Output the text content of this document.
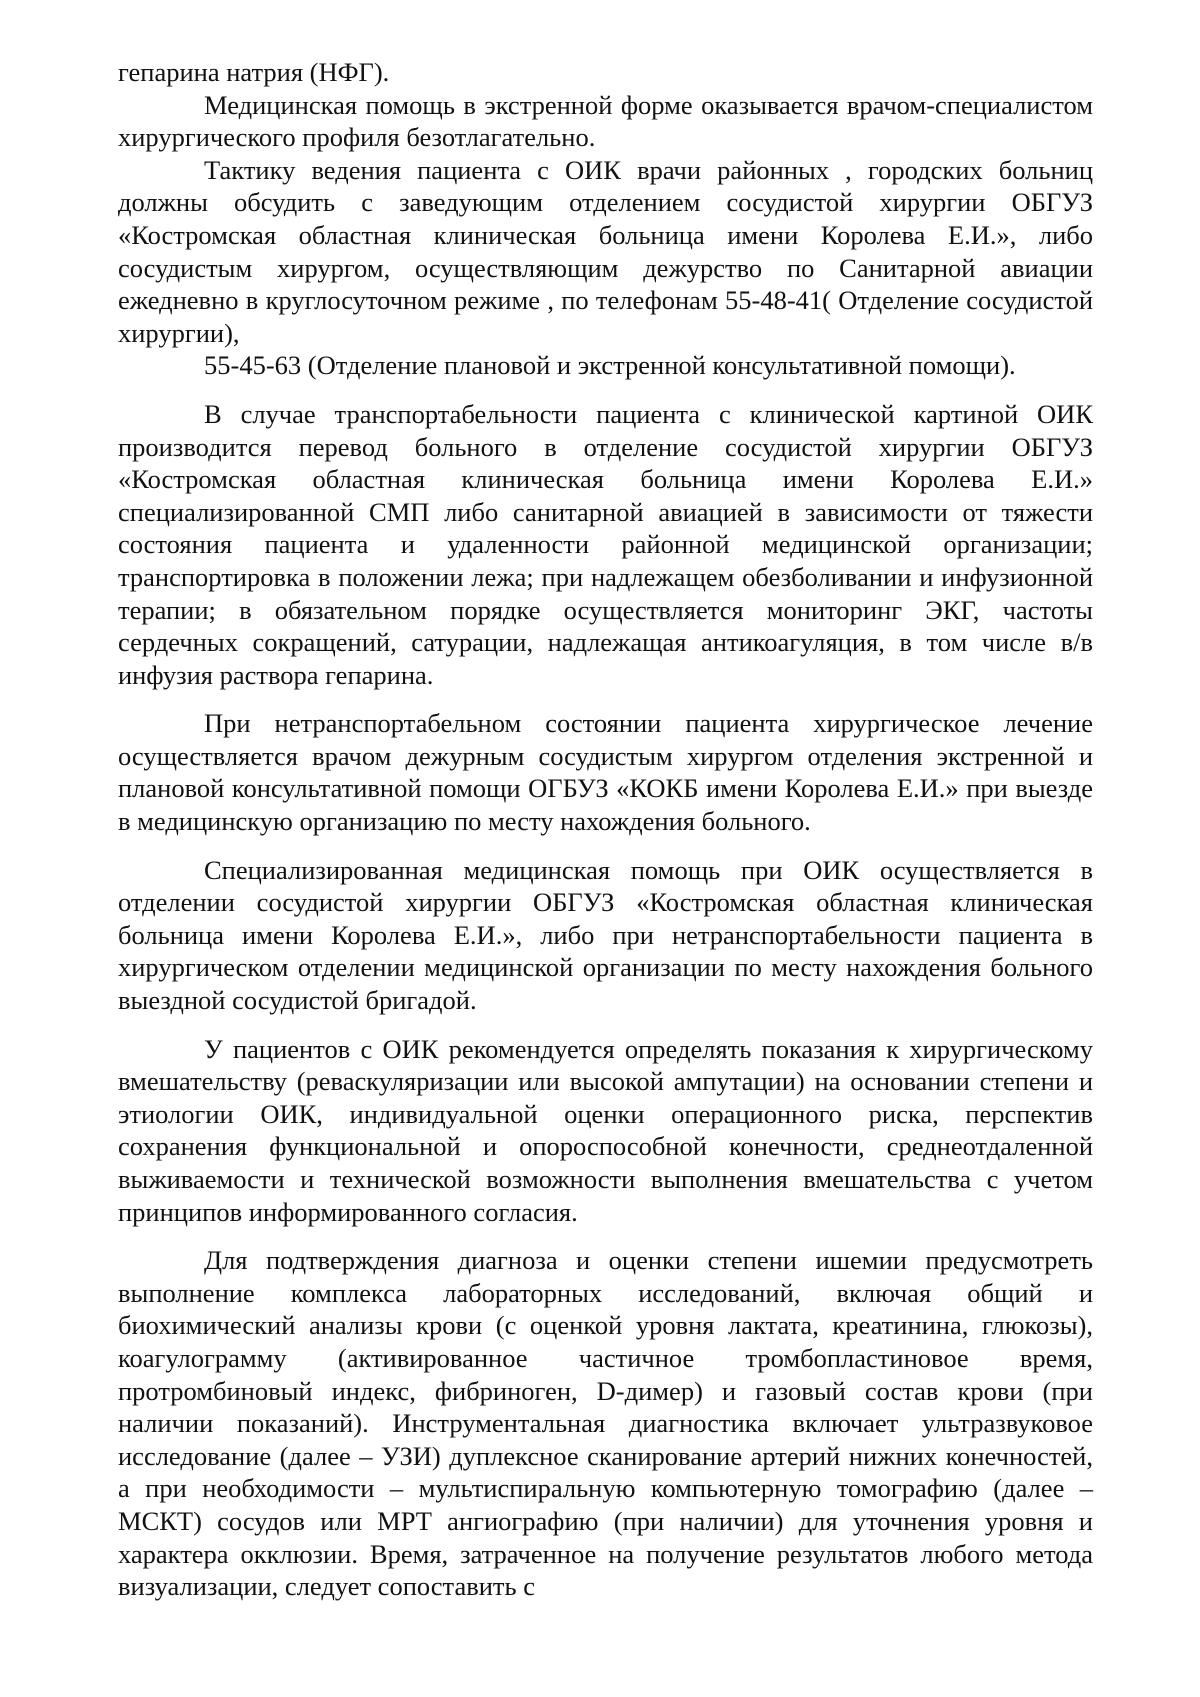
гепарина натрия (НФГ).

Медицинская помощь в экстренной форме оказывается врачом-специалистом хирургического профиля безотлагательно.

Тактику ведения пациента с ОИК врачи районных , городских больниц должны обсудить с заведующим отделением сосудистой хирургии ОБГУЗ «Костромская областная клиническая больница имени Королева Е.И.», либо сосудистым хирургом, осуществляющим дежурство по Санитарной авиации ежедневно в круглосуточном режиме , по телефонам 55-48-41( Отделение сосудистой хирургии),

55-45-63 (Отделение плановой и экстренной консультативной помощи).

В случае транспортабельности пациента с клинической картиной ОИК производится перевод больного в отделение сосудистой хирургии ОБГУЗ «Костромская областная клиническая больница имени Королева Е.И.» специализированной СМП либо санитарной авиацией в зависимости от тяжести состояния пациента и удаленности районной медицинской организации; транспортировка в положении лежа; при надлежащем обезболивании и инфузионной терапии; в обязательном порядке осуществляется мониторинг ЭКГ, частоты сердечных сокращений, сатурации, надлежащая антикоагуляция, в том числе в/в инфузия раствора гепарина.

При нетранспортабельном состоянии пациента хирургическое лечение осуществляется врачом дежурным сосудистым хирургом отделения экстренной и плановой консультативной помощи ОГБУЗ «КОКБ имени Королева Е.И.» при выезде в медицинскую организацию по месту нахождения больного.

Специализированная медицинская помощь при ОИК осуществляется в отделении сосудистой хирургии ОБГУЗ «Костромская областная клиническая больница имени Королева Е.И.», либо при нетранспортабельности пациента в хирургическом отделении медицинской организации по месту нахождения больного выездной сосудистой бригадой.

У пациентов с ОИК рекомендуется определять показания к хирургическому вмешательству (реваскуляризации или высокой ампутации) на основании степени и этиологии ОИК, индивидуальной оценки операционного риска, перспектив сохранения функциональной и опороспособной конечности, среднеотдаленной выживаемости и технической возможности выполнения вмешательства с учетом принципов информированного согласия.

Для подтверждения диагноза и оценки степени ишемии предусмотреть выполнение комплекса лабораторных исследований, включая общий и биохимический анализы крови (с оценкой уровня лактата, креатинина, глюкозы), коагулограмму (активированное частичное тромбопластиновое время, протромбиновый индекс, фибриноген, D-димер) и газовый состав крови (при наличии показаний). Инструментальная диагностика включает ультразвуковое исследование (далее – УЗИ) дуплексное сканирование артерий нижних конечностей, а при необходимости – мультиспиральную компьютерную томографию (далее – МСКТ) сосудов или МРТ ангиографию (при наличии) для уточнения уровня и характера окклюзии. Время, затраченное на получение результатов любого метода визуализации, следует сопоставить с
